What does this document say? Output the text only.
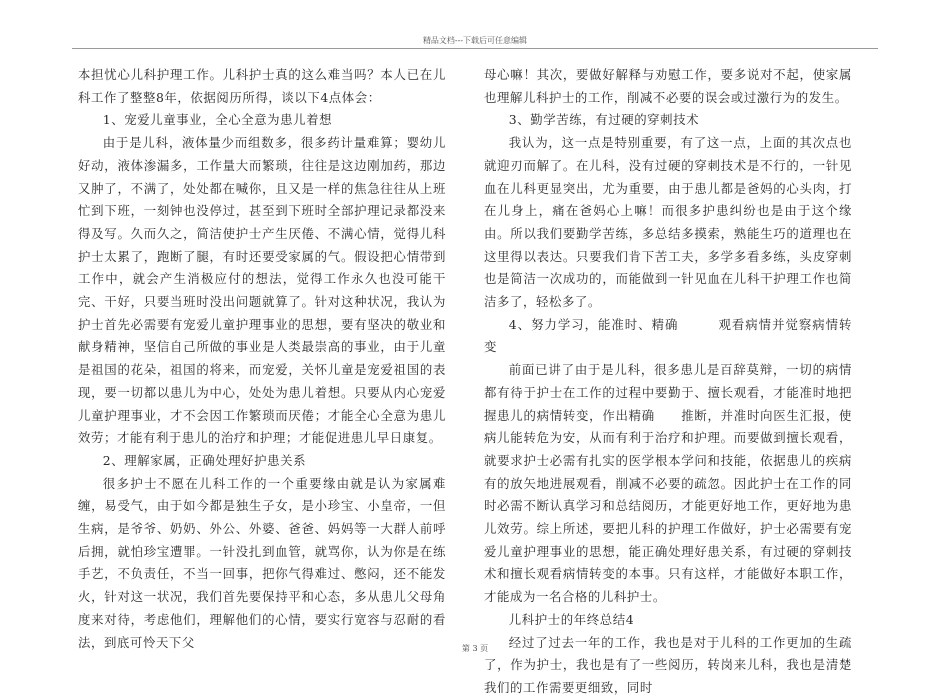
精品文档---下载后可任意编辑

本担忧心儿科护理工作。儿科护士真的这么难当吗？本人已在儿科工作了整整8年，依据阅历所得，谈以下4点体会：

1、宠爱儿童事业，全心全意为患儿着想

由于是儿科，液体量少而组数多，很多药计量难算；婴幼儿好动，液体渗漏多，工作量大而繁琐，往往是这边刚加药，那边又肿了，不满了，处处都在喊你，且又是一样的焦急往往从上班忙到下班，一刻钟也没停过，甚至到下班时全部护理记录都没来得及写。久而久之，简洁使护士产生厌倦、不满心情，觉得儿科护士太累了，跑断了腿，有时还要受家属的气。假设把心情带到工作中，就会产生消极应付的想法，觉得工作永久也没可能干完、干好，只要当班时没出问题就算了。针对这种状况，我认为护士首先必需要有宠爱儿童护理事业的思想，要有坚决的敬业和献身精神，坚信自己所做的事业是人类最崇高的事业，由于儿童是祖国的花朵，祖国的将来，而宠爱，关怀儿童是宠爱祖国的表现，要一切都以患儿为中心，处处为患儿着想。只要从内心宠爱儿童护理事业，才不会因工作繁琐而厌倦；才能全心全意为患儿效劳；才能有利于患儿的治疗和护理；才能促进患儿早日康复。

2、理解家属，正确处理好护患关系

很多护士不愿在儿科工作的一个重要缘由就是认为家属难缠，易受气，由于如今都是独生子女，是小珍宝、小皇帝，一但生病，是爷爷、奶奶、外公、外婆、爸爸、妈妈等一大群人前呼后拥，就怕珍宝遭罪。一针没扎到血管，就骂你，认为你是在练手艺，不负责任，不当一回事，把你气得难过、憋闷，还不能发火，针对这一状况，我们首先要保持平和心态，多从患儿父母角度来对待，考虑他们，理解他们的心情，要实行宽容与忍耐的看法，到底可怜天下父

母心嘛！其次，要做好解释与劝慰工作，要多说对不起，使家属也理解儿科护士的工作，削减不必要的误会或过激行为的发生。

3、勤学苦练，有过硬的穿刺技术

我认为，这一点是特别重要，有了这一点，上面的其次点也就迎刃而解了。在儿科，没有过硬的穿刺技术是不行的，一针见血在儿科更显突出，尤为重要，由于患儿都是爸妈的心头肉，打在儿身上，痛在爸妈心上嘛！而很多护患纠纷也是由于这个缘由。所以我们要勤学苦练，多总结多摸索，熟能生巧的道理也在这里得以表达。只要我们肯下苦工夫，多学多看多练，头皮穿刺也是简洁一次成功的，而能做到一针见血在儿科干护理工作也简洁多了，轻松多了。

4、努力学习，能准时、精确　　　观看病情并觉察病情转变

前面已讲了由于是儿科，很多患儿是百辞莫辩，一切的病情都有待于护士在工作的过程中要勤于、擅长观看，才能准时地把握患儿的病情转变，作出精确　　推断，并准时向医生汇报，使病儿能转危为安，从而有利于治疗和护理。而要做到擅长观看，就要求护士必需有扎实的医学根本学问和技能，依据患儿的疾病有的放矢地进展观看，削减不必要的疏忽。因此护士在工作的同时必需不断认真学习和总结阅历，才能更好地工作，更好地为患儿效劳。综上所述，要把儿科的护理工作做好，护士必需要有宠爱儿童护理事业的思想，能正确处理好患关系，有过硬的穿刺技术和擅长观看病情转变的本事。只有这样，才能做好本职工作，才能成为一名合格的儿科护士。

儿科护士的年终总结4

经过了过去一年的工作，我也是对于儿科的工作更加的生疏了，作为护士，我也是有了一些阅历，转岗来儿科，我也是清楚我们的工作需要更细致，同时

第 3 页
